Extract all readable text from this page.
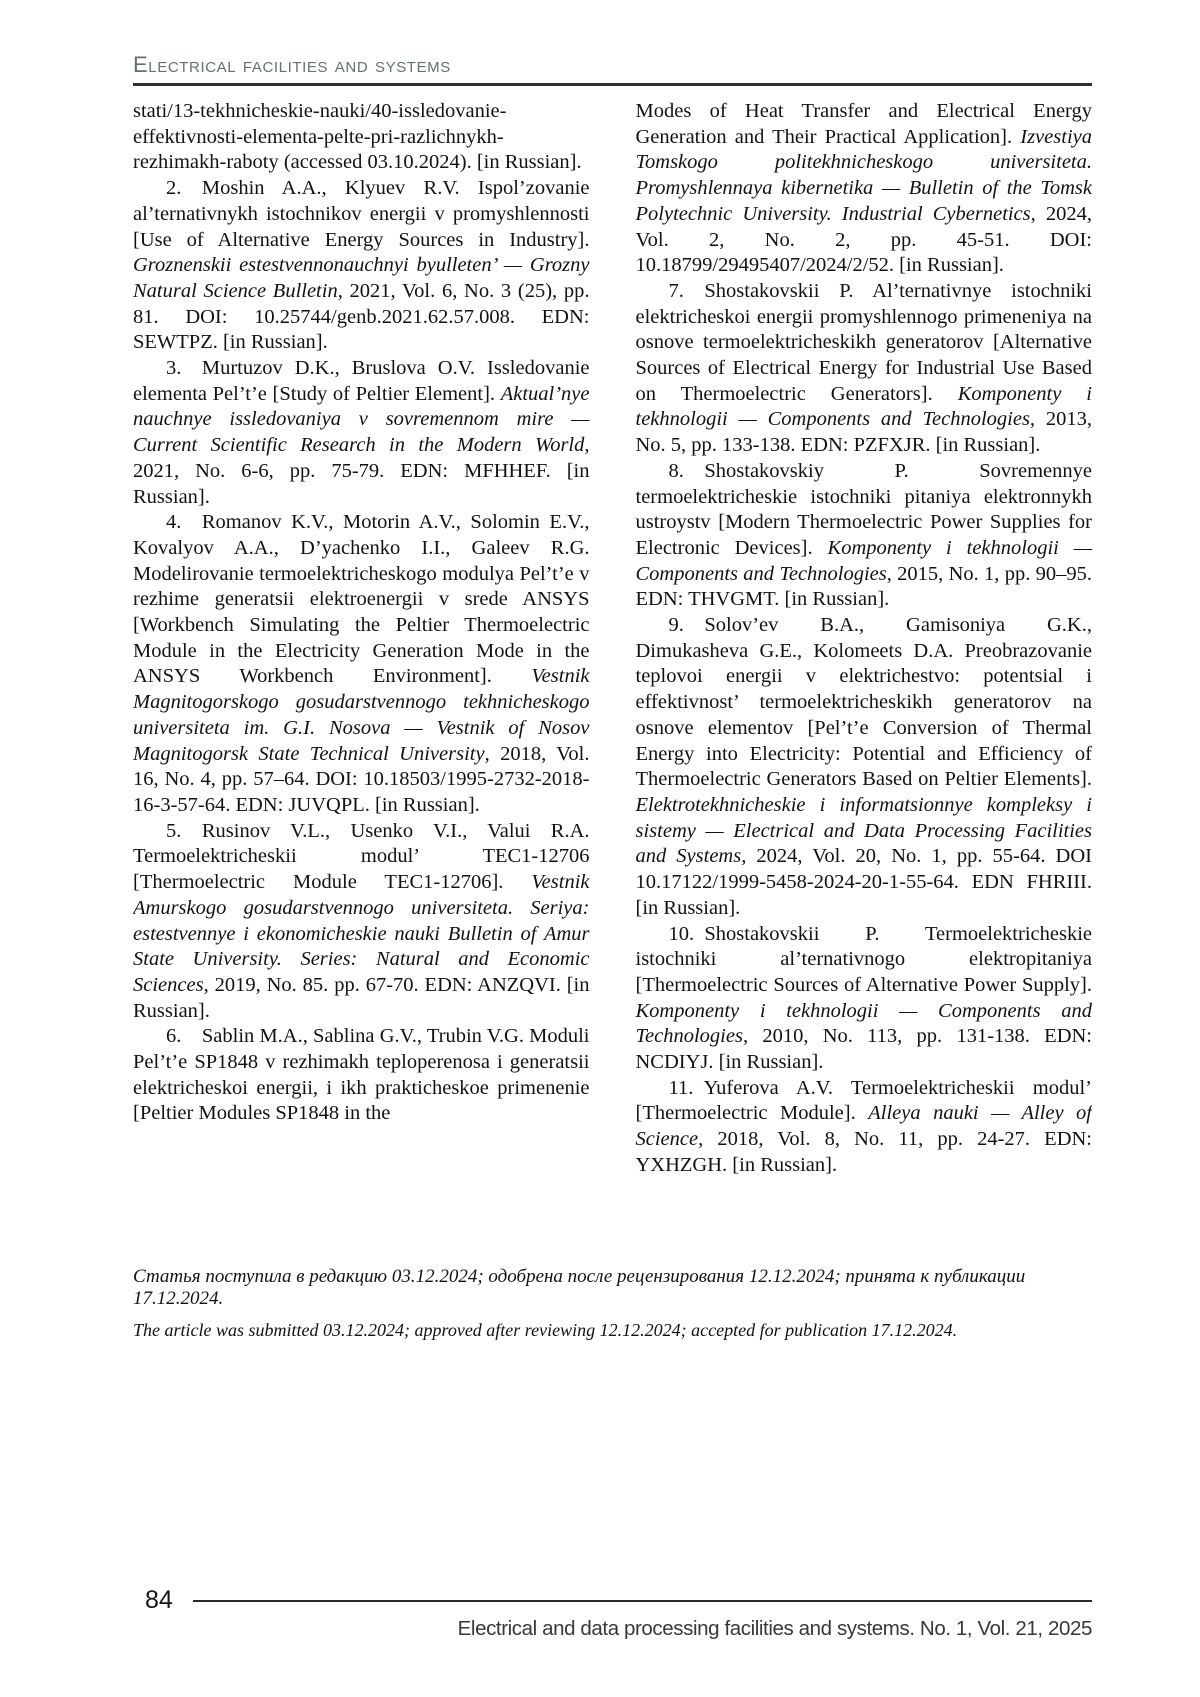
Electrical facilities and systems

stati/13-tekhnicheskie-nauki/40-issledovanie-effektivnosti-elementa-pelte-pri-razlichnykh-rezhimakh-raboty (accessed 03.10.2024). [in Russian].

2. Moshin A.A., Klyuev R.V. Ispol’zovanie al’ternativnykh istochnikov energii v promyshlennosti [Use of Alternative Energy Sources in Industry]. Groznenskii estestvennonauchnyi byulleten’ — Grozny Natural Science Bulletin, 2021, Vol. 6, No. 3 (25), pp. 81. DOI: 10.25744/genb.2021.62.57.008. EDN: SEWTPZ. [in Russian].

3. Murtuzov D.K., Bruslova O.V. Issledovanie elementa Pel’t’e [Study of Peltier Element]. Aktual’nye nauchnye issledovaniya v sovremennom mire — Current Scientific Research in the Modern World, 2021, No. 6-6, pp. 75-79. EDN: MFHHEF. [in Russian].

4. Romanov K.V., Motorin A.V., Solomin E.V., Kovalyov A.A., D’yachenko I.I., Galeev R.G. Modelirovanie termoelektricheskogo modulya Pel’t’e v rezhime generatsii elektroenergii v srede ANSYS [Workbench Simulating the Peltier Thermoelectric Module in the Electricity Generation Mode in the ANSYS Workbench Environment]. Vestnik Magnitogorskogo gosudarstvennogo tekhnicheskogo universiteta im. G.I. Nosova — Vestnik of Nosov Magnitogorsk State Technical University, 2018, Vol. 16, No. 4, pp. 57–64. DOI: 10.18503/1995-2732-2018-16-3-57-64. EDN: JUVQPL. [in Russian].

5. Rusinov V.L., Usenko V.I., Valui R.A. Termoelektricheskii modul’ TEC1-12706 [Thermoelectric Module TEC1-12706]. Vestnik Amurskogo gosudarstvennogo universiteta. Seriya: estestvennye i ekonomicheskie nauki Bulletin of Amur State University. Series: Natural and Economic Sciences, 2019, No. 85. pp. 67-70. EDN: ANZQVI. [in Russian].

6. Sablin M.A., Sablina G.V., Trubin V.G. Moduli Pel’t’e SP1848 v rezhimakh teploperenosa i generatsii elektricheskoi energii, i ikh prakticheskoe primenenie [Peltier Modules SP1848 in the

Modes of Heat Transfer and Electrical Energy Generation and Their Practical Application]. Izvestiya Tomskogo politekhnicheskogo universiteta. Promyshlennaya kibernetika — Bulletin of the Tomsk Polytechnic University. Industrial Cybernetics, 2024, Vol. 2, No. 2, pp. 45-51. DOI: 10.18799/29495407/2024/2/52. [in Russian].

7. Shostakovskii P. Al’ternativnye istochniki elektricheskoi energii promyshlennogo primeneniya na osnove termoelektricheskikh generatorov [Alternative Sources of Electrical Energy for Industrial Use Based on Thermoelectric Generators]. Komponenty i tekhnologii — Components and Technologies, 2013, No. 5, pp. 133-138. EDN: PZFXJR. [in Russian].

8. Shostakovskiy P. Sovremennye termoelektricheskie istochniki pitaniya elektronnykh ustroystv [Modern Thermoelectric Power Supplies for Electronic Devices]. Komponenty i tekhnologii — Components and Technologies, 2015, No. 1, pp. 90–95. EDN: THVGMT. [in Russian].

9. Solov’ev B.A., Gamisoniya G.K., Dimukasheva G.E., Kolomeets D.A. Preobrazovanie teplovoi energii v elektrichestvo: potentsial i effektivnost’ termoelektricheskikh generatorov na osnove elementov [Pel’t’e Conversion of Thermal Energy into Electricity: Potential and Efficiency of Thermoelectric Generators Based on Peltier Elements]. Elektrotekhnicheskie i informatsionnye kompleksy i sistemy — Electrical and Data Processing Facilities and Systems, 2024, Vol. 20, No. 1, pp. 55-64. DOI 10.17122/1999-5458-2024-20-1-55-64. EDN FHRIII. [in Russian].

10. Shostakovskii P. Termoelektricheskie istochniki al’ternativnogo elektropitaniya [Thermoelectric Sources of Alternative Power Supply]. Komponenty i tekhnologii — Components and Technologies, 2010, No. 113, pp. 131-138. EDN: NCDIYJ. [in Russian].

11. Yuferova A.V. Termoelektricheskii modul’ [Thermoelectric Module]. Alleya nauki — Alley of Science, 2018, Vol. 8, No. 11, pp. 24-27. EDN: YXHZGH. [in Russian].

Статья поступила в редакцию 03.12.2024; одобрена после рецензирования 12.12.2024; принята к публикации 17.12.2024.
The article was submitted 03.12.2024; approved after reviewing 12.12.2024; accepted for publication 17.12.2024.
84
Electrical and data processing facilities and systems. No. 1, Vol. 21, 2025
